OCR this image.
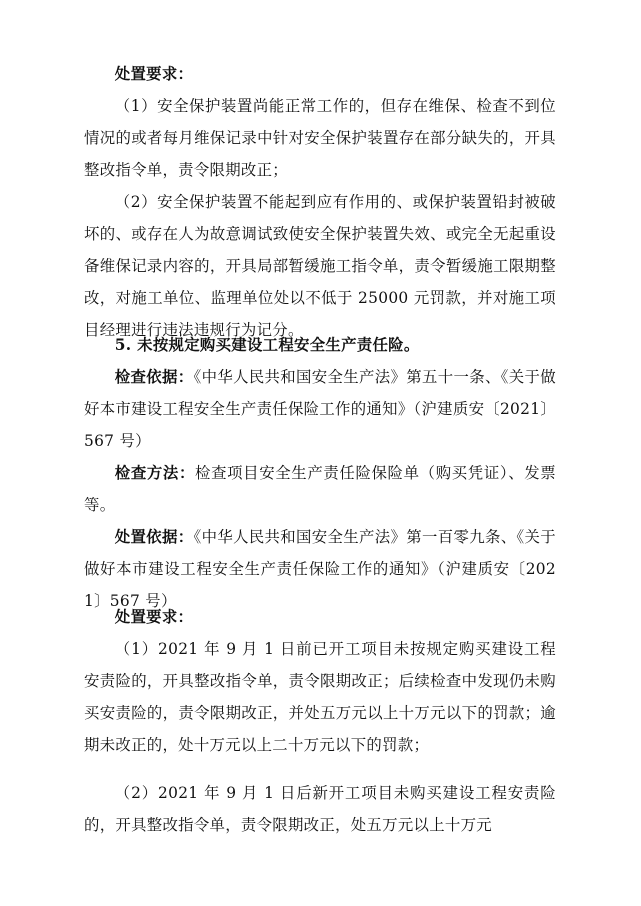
处置要求：

（1）安全保护装置尚能正常工作的，但存在维保、检查不到位情况的或者每月维保记录中针对安全保护装置存在部分缺失的，开具整改指令单，责令限期改正；

（2）安全保护装置不能起到应有作用的、或保护装置铅封被破坏的、或存在人为故意调试致使安全保护装置失效、或完全无起重设备维保记录内容的，开具局部暂缓施工指令单，责令暂缓施工限期整改，对施工单位、监理单位处以不低于 25000 元罚款，并对施工项目经理进行违法违规行为记分。

5. 未按规定购买建设工程安全生产责任险。

检查依据：《中华人民共和国安全生产法》第五十一条、《关于做好本市建设工程安全生产责任保险工作的通知》（沪建质安〔2021〕567 号）

检查方法：检查项目安全生产责任险保险单（购买凭证）、发票等。

处置依据：《中华人民共和国安全生产法》第一百零九条、《关于做好本市建设工程安全生产责任保险工作的通知》（沪建质安〔2021〕567 号）

处置要求：

（1）2021 年 9 月 1 日前已开工项目未按规定购买建设工程安责险的，开具整改指令单，责令限期改正；后续检查中发现仍未购买安责险的，责令限期改正，并处五万元以上十万元以下的罚款；逾期未改正的，处十万元以上二十万元以下的罚款；

（2）2021 年 9 月 1 日后新开工项目未购买建设工程安责险的，开具整改指令单，责令限期改正，处五万元以上十万元
